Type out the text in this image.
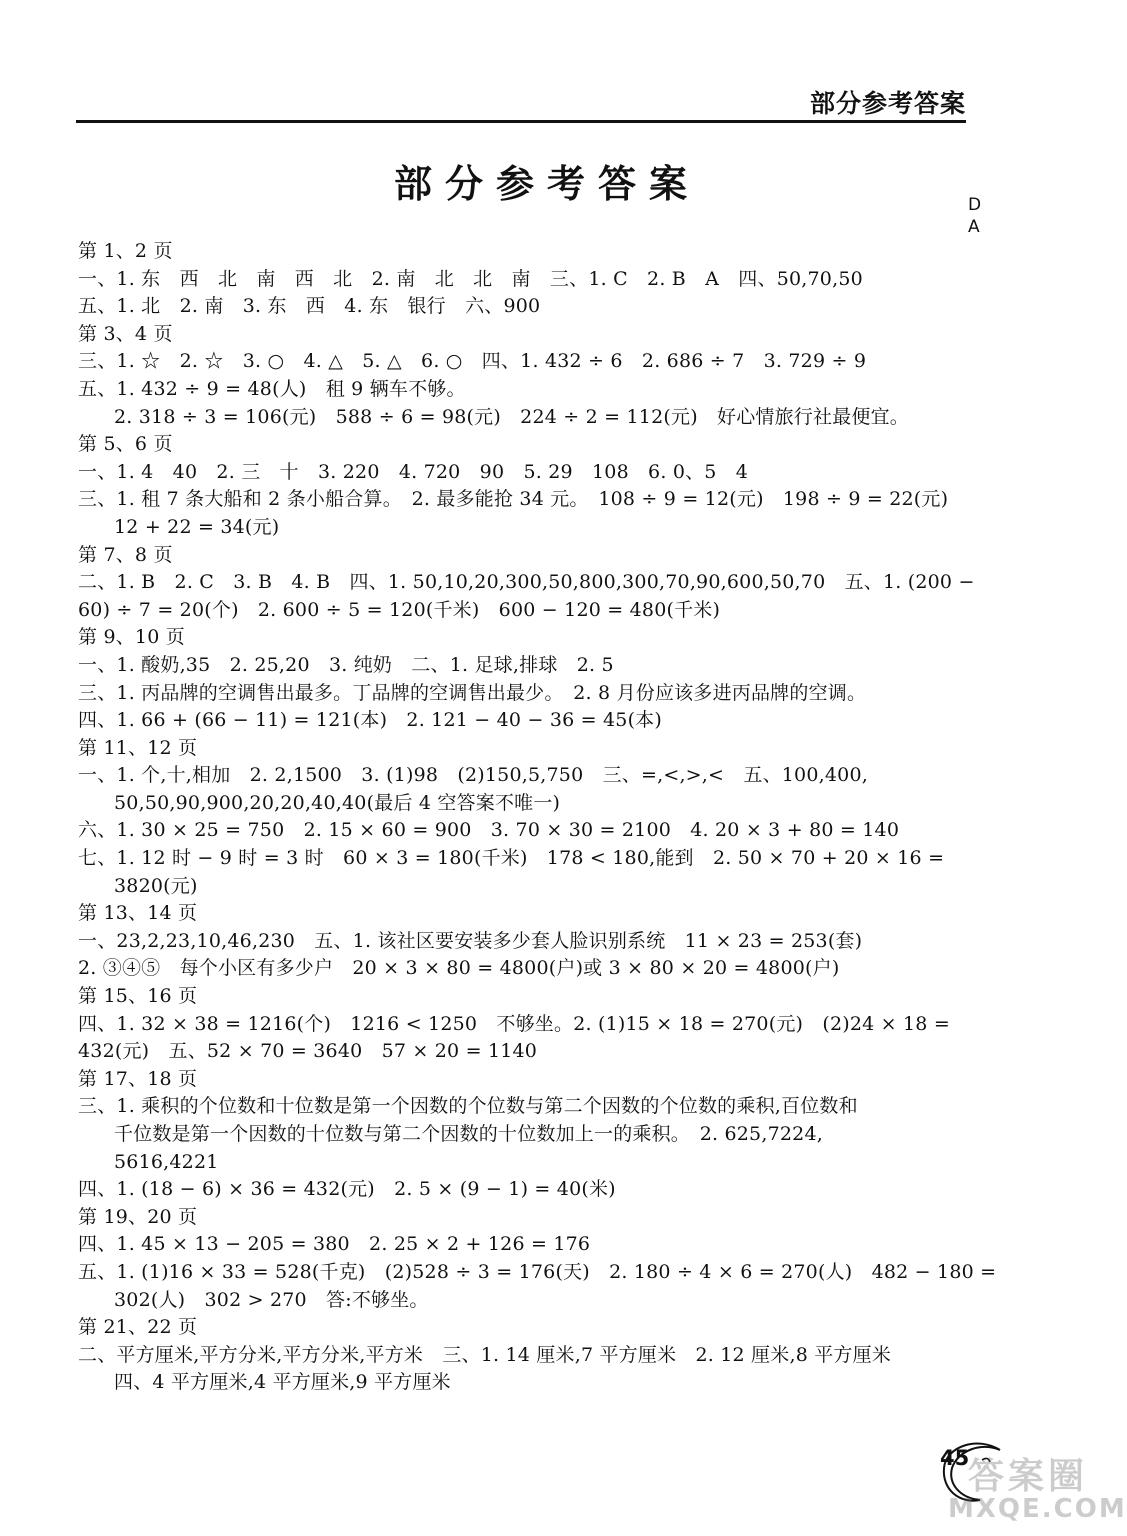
部分参考答案
部分参考答案	D
A
第 1、2 页
一、1. 东　西　北　南　西　北　2. 南　北　北　南　三、1. C　2. B　A　四、50,70,50
五、1. 北　2. 南　3. 东　西　4. 东　银行　六、900
第 3、4 页
三、1. ☆　2. ☆　3. ○　4. △　5. △　6. ○　四、1. 432 ÷ 6　2. 686 ÷ 7　3. 729 ÷ 9
五、1. 432 ÷ 9 = 48(人)　租 9 辆车不够。
2. 318 ÷ 3 = 106(元)　588 ÷ 6 = 98(元)　224 ÷ 2 = 112(元)　好心情旅行社最便宜。
第 5、6 页
一、1. 4　40　2. 三　十　3. 220　4. 720　90　5. 29　108　6. 0、5　4
三、1. 租 7 条大船和 2 条小船合算。　2. 最多能抢 34 元。　108 ÷ 9 = 12(元)　198 ÷ 9 = 22(元)
12 + 22 = 34(元)
第 7、8 页
二、1. B　2. C　3. B　4. B　四、1. 50,10,20,300,50,800,300,70,90,600,50,70　五、1. (200 −
60) ÷ 7 = 20(个)　2. 600 ÷ 5 = 120(千米)　600 − 120 = 480(千米)
第 9、10 页
一、1. 酸奶,35　2. 25,20　3. 纯奶　二、1. 足球,排球　2. 5
三、1. 丙品牌的空调售出最多。丁品牌的空调售出最少。　2. 8 月份应该多进丙品牌的空调。
四、1. 66 + (66 − 11) = 121(本)　2. 121 − 40 − 36 = 45(本)
第 11、12 页
一、1. 个,十,相加　2. 2,1500　3. (1)98　(2)150,5,750　三、=,<,>,<　五、100,400,
50,50,90,900,20,20,40,40(最后 4 空答案不唯一)
六、1. 30 × 25 = 750　2. 15 × 60 = 900　3. 70 × 30 = 2100　4. 20 × 3 + 80 = 140
七、1. 12 时 − 9 时 = 3 时　60 × 3 = 180(千米)　178 < 180,能到　2. 50 × 70 + 20 × 16 =
3820(元)
第 13、14 页
一、23,2,23,10,46,230　五、1. 该社区要安装多少套人脸识别系统　11 × 23 = 253(套)
2. ③④⑤　每个小区有多少户　20 × 3 × 80 = 4800(户)或 3 × 80 × 20 = 4800(户)
第 15、16 页
四、1. 32 × 38 = 1216(个)　1216 < 1250　不够坐。2. (1)15 × 18 = 270(元)　(2)24 × 18 =
432(元)　五、52 × 70 = 3640　57 × 20 = 1140
第 17、18 页
三、1. 乘积的个位数和十位数是第一个因数的个位数与第二个因数的个位数的乘积,百位数和
千位数是第一个因数的十位数与第二个因数的十位数加上一的乘积。　2. 625,7224,
5616,4221
四、1. (18 − 6) × 36 = 432(元)　2. 5 × (9 − 1) = 40(米)
第 19、20 页
四、1. 45 × 13 − 205 = 380　2. 25 × 2 + 126 = 176
五、1. (1)16 × 33 = 528(千克)　(2)528 ÷ 3 = 176(天)　2. 180 ÷ 4 × 6 = 270(人)　482 − 180 =
302(人)　302 > 270　答:不够坐。
第 21、22 页
二、平方厘米,平方分米,平方分米,平方米　三、1. 14 厘米,7 平方厘米　2. 12 厘米,8 平方厘米
四、4 平方厘米,4 平方厘米,9 平方厘米
45
答案圈
MXQE.COM
